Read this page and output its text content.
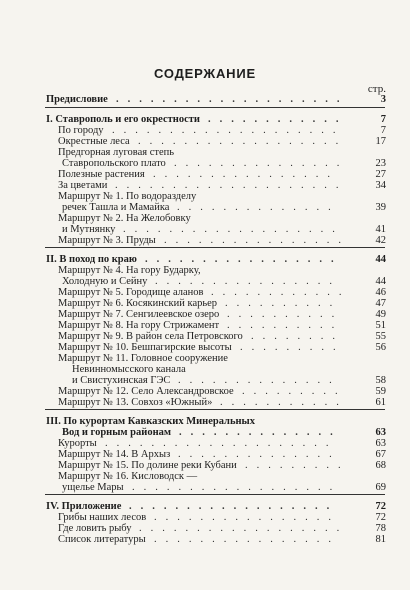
СОДЕРЖАНИЕ
стр.
Предисловие ....................	3
I. Ставрополь и его окрестности ............	7
По городу ....................	7
Окрестные леса ..................	17
Предгорная луговая степь
Ставропольского плато ...............	23
Полезные растения ................	27
За цветами ....................	34
Маршрут № 1. По водоразделу
речек Ташла и Мамайка ..............	39
Маршрут № 2. На Желобовку
и Мутнянку ...................	41
Маршрут № 3. Пруды ................	42
II. В поход по краю .................	44
Маршрут № 4. На гору Бударку,
Холодную и Сейну ................	44
Маршрут № 5. Городище аланов ............	46
Маршрут № 6. Косякинский карьер ..........	47
Маршрут № 7. Сенгилеевское озеро ..........	49
Маршрут № 8. На гору Стрижамент ..........	51
Маршрут № 9. В район села Петровского ........	55
Маршрут № 10. Бешпагирские высоты .........	56
Маршрут № 11. Головное сооружение
Невинномысского канала
и Свистухинская ГЭС ..............	58
Маршрут № 12. Село Александровское .........	59
Маршрут № 13. Совхоз «Южный» ...........	61
III. По курортам Кавказских Минеральных
Вод и горным районам ..............	63
Курорты ....................	63
Маршрут № 14. В Архыз ..............	67
Маршрут № 15. По долине реки Кубани .........	68
Маршрут № 16. Кисловодск —
ущелье Мары ..................	69
IV. Приложение ..................	72
Грибы наших лесов ................	72
Где ловить рыбу ..................	78
Список литературы ................	81
